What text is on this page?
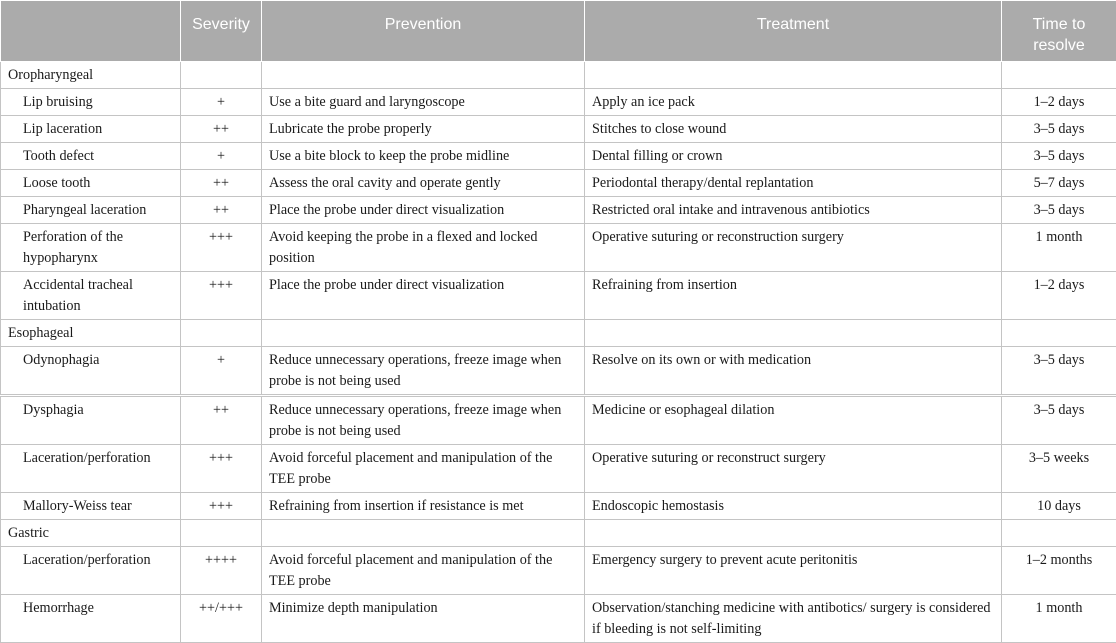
	Severity	Prevention	Treatment	Time to resolve
Oropharyngeal				
Lip bruising	+	Use a bite guard and laryngoscope	Apply an ice pack	1–2 days
Lip laceration	++	Lubricate the probe properly	Stitches to close wound	3–5 days
Tooth defect	+	Use a bite block to keep the probe midline	Dental filling or crown	3–5 days
Loose tooth	++	Assess the oral cavity and operate gently	Periodontal therapy/dental replantation	5–7 days
Pharyngeal laceration	++	Place the probe under direct visualization	Restricted oral intake and intravenous antibiotics	3–5 days
Perforation of the hypopharynx	+++	Avoid keeping the probe in a flexed and locked position	Operative suturing or reconstruction surgery	1 month
Accidental tracheal intubation	+++	Place the probe under direct visualization	Refraining from insertion	1–2 days
Esophageal				
Odynophagia	+	Reduce unnecessary operations, freeze image when probe is not being used	Resolve on its own or with medication	3–5 days
Dysphagia	++	Reduce unnecessary operations, freeze image when probe is not being used	Medicine or esophageal dilation	3–5 days
Laceration/perforation	+++	Avoid forceful placement and manipulation of the TEE probe	Operative suturing or reconstruct surgery	3–5 weeks
Mallory-Weiss tear	+++	Refraining from insertion if resistance is met	Endoscopic hemostasis	10 days
Gastric				
Laceration/perforation	++++	Avoid forceful placement and manipulation of the TEE probe	Emergency surgery to prevent acute peritonitis	1–2 months
Hemorrhage	++/+++	Minimize depth manipulation	Observation/stanching medicine with antibotics/ surgery is considered if bleeding is not self-limiting	1 month
